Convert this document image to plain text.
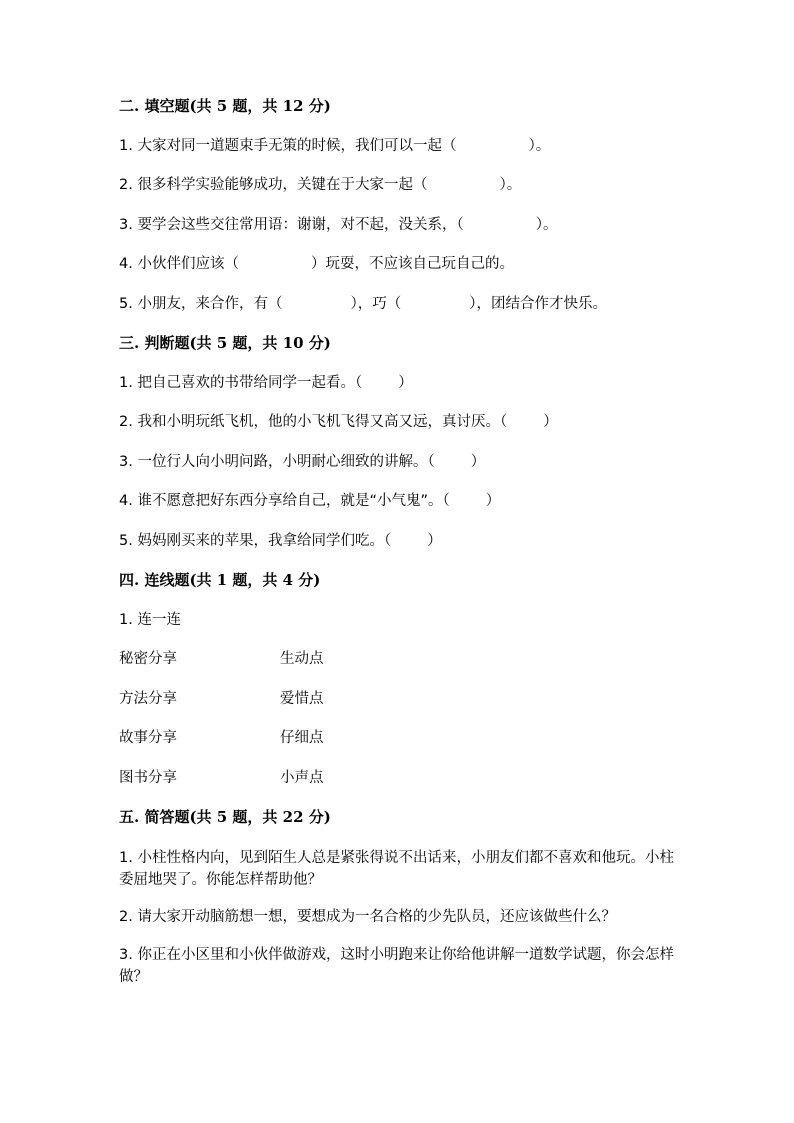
二. 填空题(共 5 题，共 12 分)
1. 大家对同一道题束手无策的时候，我们可以一起（	）。
2. 很多科学实验能够成功，关键在于大家一起（	）。
3. 要学会这些交往常用语：谢谢，对不起，没关系，（	）。
4. 小伙伴们应该（	）玩耍，不应该自己玩自己的。
5. 小朋友，来合作，有（	），巧（	），团结合作才快乐。
三. 判断题(共 5 题，共 10 分)
1. 把自己喜欢的书带给同学一起看。（ ）
2. 我和小明玩纸飞机，他的小飞机飞得又高又远，真讨厌。（ ）
3. 一位行人向小明问路，小明耐心细致的讲解。（ ）
4. 谁不愿意把好东西分享给自己，就是“小气鬼”。（ ）
5. 妈妈刚买来的苹果，我拿给同学们吃。（ ）
四. 连线题(共 1 题，共 4 分)
1. 连一连
秘密分享	生动点
方法分享	爱惜点
故事分享	仔细点
图书分享	小声点
五. 简答题(共 5 题，共 22 分)
1. 小柱性格内向，见到陌生人总是紧张得说不出话来，小朋友们都不喜欢和他玩。小柱委屈地哭了。你能怎样帮助他？
2. 请大家开动脑筋想一想，要想成为一名合格的少先队员，还应该做些什么？
3. 你正在小区里和小伙伴做游戏，这时小明跑来让你给他讲解一道数学试题，你会怎样做？
